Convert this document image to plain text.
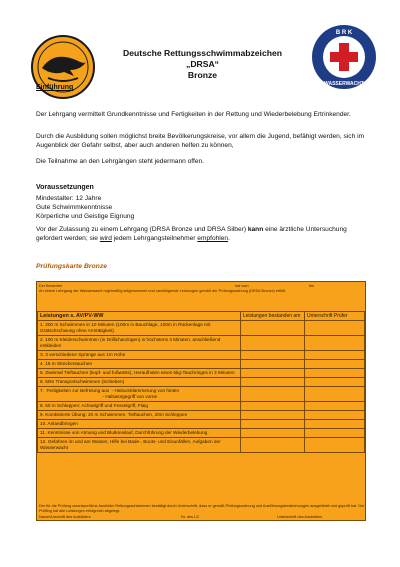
B R K
WASSERWACHT
Deutsche Rettungsschwimmabzeichen
„DRSA“
Bronze
Einführung

Der Lehrgang vermittelt Grundkenntnisse und Fertigkeiten in der Rettung und Wiederbelebung Ertrinkender.

Durch die Ausbildung sollen möglichst breite Bevölkerungskreise, vor allem die Jugend, befähigt werden, sich im Augenblick der Gefahr selbst, aber auch anderen helfen zu können,

Die Teilnahme an den Lehrgängen steht jedermann offen.

Voraussetzungen

Mindestalter: 12 Jahre

Gute Schwimmkenntnisse

Körperliche und Geistige Eignung

Vor der Zulassung zu einem Lehrgang (DRSA Bronze und DRSA Silber) kann eine ärztliche Untersuchung gefordert werden; sie wird jedem Lehrgangsteilnehmer empfohlen.

Prüfungskarte Bronze
Der Bewerber	hat vom	bis
An einem Lehrgang der Wasserwacht regelmäßig teilgenommen und nachfolgende Leistungen gemäß der Prüfungsordnung (DRSA Bronze) erfüllt.
Leistungen s. AV/PV-WW	Leistungen bestanden am	Unterschrift Prüfer
1. 200 m Schwimmen in 10 Minuten (100m in Bauchlage, 100m in Rückenlage mit Grätschschwung ohne Armtätigkeit)		
2. 100 m Kleiderschwimmen (in Drillichanzügen) in höchstens 4 Minuten, anschließend entkleiden		
3. 3 verschiedene Sprünge aus 1m Höhe		
4. 15 m Streckentauchen		
5. Zweimal Tieftauchen (kopf- und fußwärts), Heraufholen eines 5kg-Tauchringes in 3 Minuten		
6. 50m Transportschwimmen (Schieben)		
7.  Fertigkeiten zur Befreiung aus  - Halsumklammerung von hinten
- Halswürgegriff von vorne		
8. 50 m Schleppen: Achselgriff und Fesselgriff, Flaig		
9. Kombinierte Übung: 20 m Schwimmen, Tieftauchen, 20m Schleppen		
10. Anlandbringen		
11. Kenntnisse von Atmung und Blutkreislauf, Durchführung der Wiederbelebung		
12. Gefahren im und am Wasser, Hilfe bei Bade-, Boots- und Eisunfällen, Aufgaben der Wasserwacht		
Der für die Prüfung verantwortliche Ausbilder Rettungsschwimmen bestätigt durch Unterschrift, dass er gemäß Prüfungsordnung und Ausführungsbestimmungen ausgebildet und geprüft hat. Der Prüfling hat alle Leistungen erfolgreich abgelegt.
Name/Anschrift des Ausbilders	Nr. des LS	Unterschrift des Ausbilders
